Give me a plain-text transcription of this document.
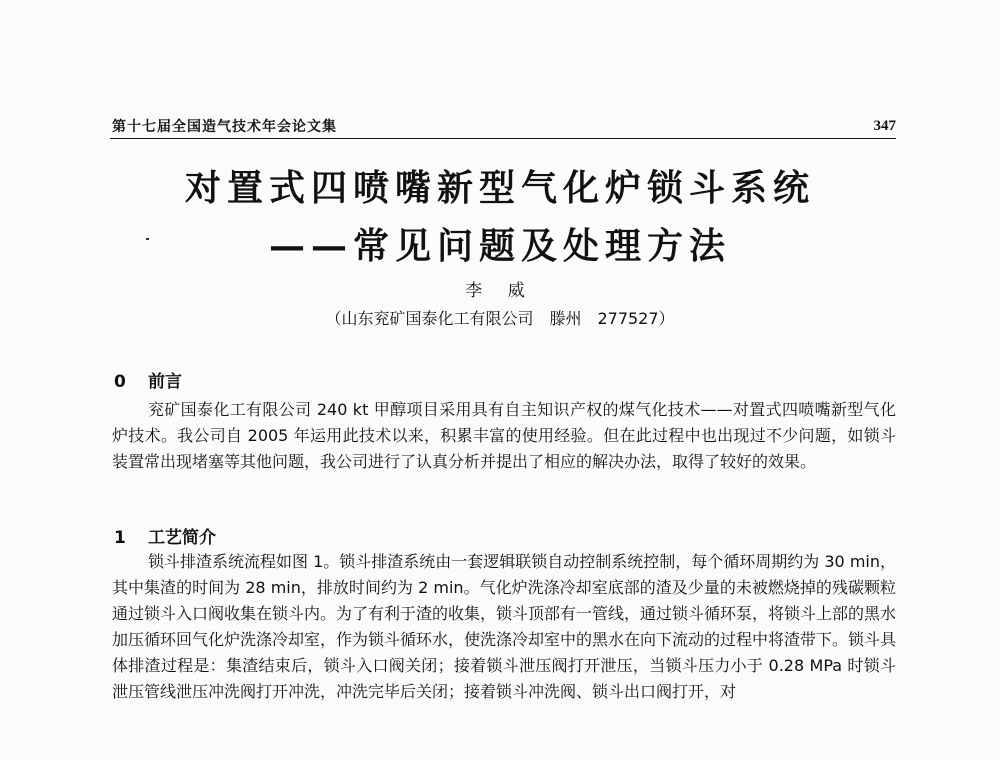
第十七届全国造气技术年会论文集	347
对置式四喷嘴新型气化炉锁斗系统
——常见问题及处理方法
李 威
（山东兖矿国泰化工有限公司　滕州　277527）
0 前言
兖矿国泰化工有限公司 240 kt 甲醇项目采用具有自主知识产权的煤气化技术——对置式四喷嘴新型气化炉技术。我公司自 2005 年运用此技术以来，积累丰富的使用经验。但在此过程中也出现过不少问题，如锁斗装置常出现堵塞等其他问题，我公司进行了认真分析并提出了相应的解决办法，取得了较好的效果。
1 工艺简介
锁斗排渣系统流程如图 1。锁斗排渣系统由一套逻辑联锁自动控制系统控制，每个循环周期约为 30 min，其中集渣的时间为 28 min，排放时间约为 2 min。气化炉洗涤冷却室底部的渣及少量的未被燃烧掉的残碳颗粒通过锁斗入口阀收集在锁斗内。为了有利于渣的收集，锁斗顶部有一管线，通过锁斗循环泵，将锁斗上部的黑水加压循环回气化炉洗涤冷却室，作为锁斗循环水，使洗涤冷却室中的黑水在向下流动的过程中将渣带下。锁斗具体排渣过程是：集渣结束后，锁斗入口阀关闭；接着锁斗泄压阀打开泄压，当锁斗压力小于 0.28 MPa 时锁斗泄压管线泄压冲洗阀打开冲洗，冲洗完毕后关闭；接着锁斗冲洗阀、锁斗出口阀打开，对
